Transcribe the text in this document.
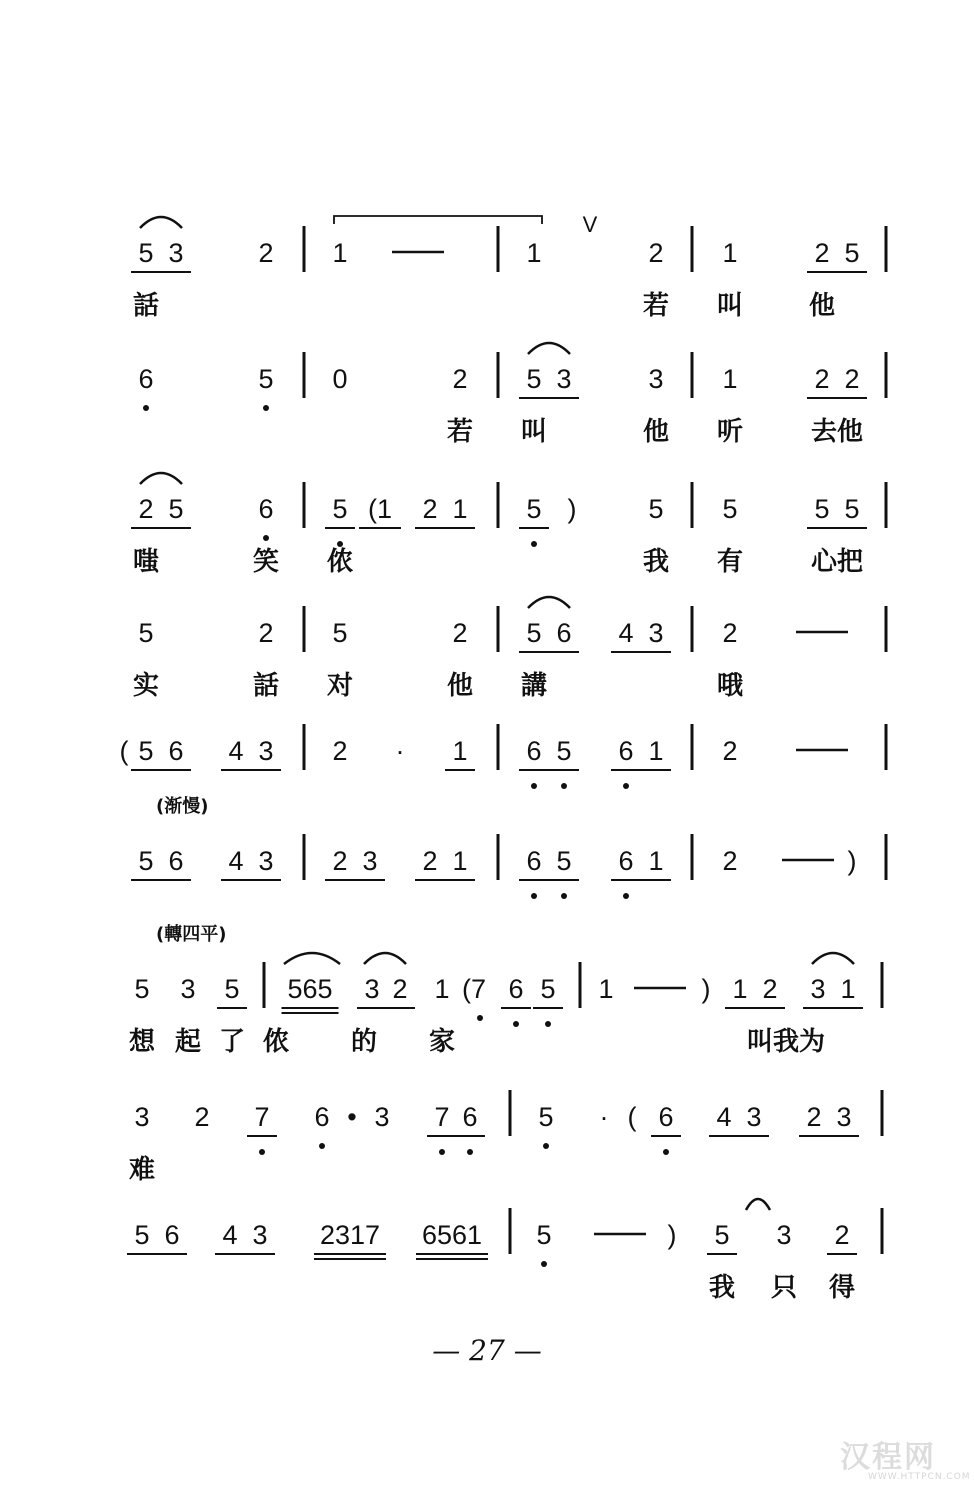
5 3	2 1	1	2 1	2 5
V
話	若 叫	他
6	5 0	2 5 3	3 1	2 2
若 叫	他 听	去他
2 5	6 5 (1 2 1 5 )	5 5	5 5
嗤	笑 侬	我 有	心把
5	2 5	2 5 6 4 3 2
实	話 对	他 講	哦
( 5 6 4 3 2 · 1 6 5 6 1 2
(渐慢)
5 6 4 3 2 3 2 1 6 5 6 1 2	)
(轉四平)
5 3 5 565 3 2 1 (7 6 5 1	) 1 2 3 1
想 起 了 侬 的 家	叫我为
3 2 7 6 • 3 7 6 5 · ( 6 4 3 2 3
难
5 6 4 3 2317 6561 5	) 5 3 2
我 只 得
— 27 —
汉程网
WWW.HTTPCN.COM
